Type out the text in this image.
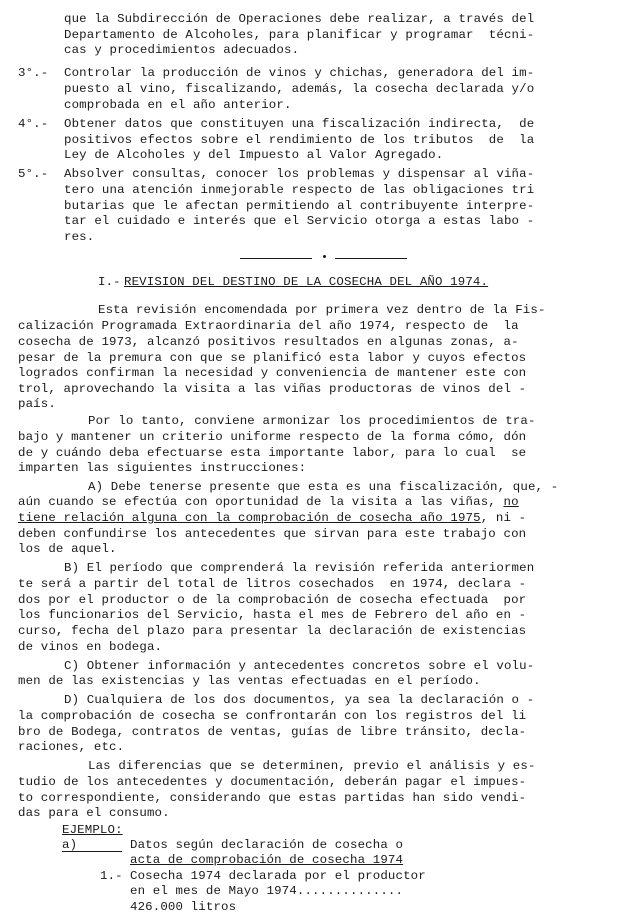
que la Subdirección de Operaciones debe realizar, a través del
Departamento de Alcoholes, para planificar y programar  técni-
cas y procedimientos adecuados.
3°.- Controlar la producción de vinos y chichas, generadora del im-
puesto al vino, fiscalizando, además, la cosecha declarada y/o
comprobada en el año anterior.
4°.- Obtener datos que constituyen una fiscalización indirecta,  de
positivos efectos sobre el rendimiento de los tributos  de  la
Ley de Alcoholes y del Impuesto al Valor Agregado.
5°.- Absolver consultas, conocer los problemas y dispensar al viña-
tero una atención inmejorable respecto de las obligaciones tri
butarias que le afectan permitiendo al contribuyente interpre-
tar el cuidado e interés que el Servicio otorga a estas labo -
res.
I.- REVISION DEL DESTINO DE LA COSECHA DEL AÑO 1974.
Esta revisión encomendada por primera vez dentro de la Fis-
calización Programada Extraordinaria del año 1974, respecto de  la
cosecha de 1973, alcanzó positivos resultados en algunas zonas, a-
pesar de la premura con que se planificó esta labor y cuyos efectos
logrados confirman la necesidad y conveniencia de mantener este con
trol, aprovechando la visita a las viñas productoras de vinos del -
país.
Por lo tanto, conviene armonizar los procedimientos de tra-
bajo y mantener un criterio uniforme respecto de la forma cómo, dón
de y cuándo deba efectuarse esta importante labor, para lo cual  se
imparten las siguientes instrucciones:
A) Debe tenerse presente que esta es una fiscalización, que, -
aún cuando se efectúa con oportunidad de la visita a las viñas, no
tiene relación alguna con la comprobación de cosecha año 1975, ni -
deben confundirse los antecedentes que sirvan para este trabajo con
los de aquel.
B) El período que comprenderá la revisión referida anteriormen
te será a partir del total de litros cosechados  en 1974, declara -
dos por el productor o de la comprobación de cosecha efectuada  por
los funcionarios del Servicio, hasta el mes de Febrero del año en -
curso, fecha del plazo para presentar la declaración de existencias
de vinos en bodega.
C) Obtener información y antecedentes concretos sobre el volu-
men de las existencias y las ventas efectuadas en el período.
D) Cualquiera de los dos documentos, ya sea la declaración o -
la comprobación de cosecha se confrontarán con los registros del li
bro de Bodega, contratos de ventas, guías de libre tránsito, decla-
raciones, etc.
Las diferencias que se determinen, previo el análisis y es-
tudio de los antecedentes y documentación, deberán pagar el impues-
to correspondiente, considerando que estas partidas han sido vendi-
das para el consumo.
EJEMPLO:
a)	Datos según declaración de cosecha o
acta de comprobación de cosecha 1974
1.- Cosecha 1974 declarada por el productor
en el mes de Mayo 1974..............
426.000 litros
